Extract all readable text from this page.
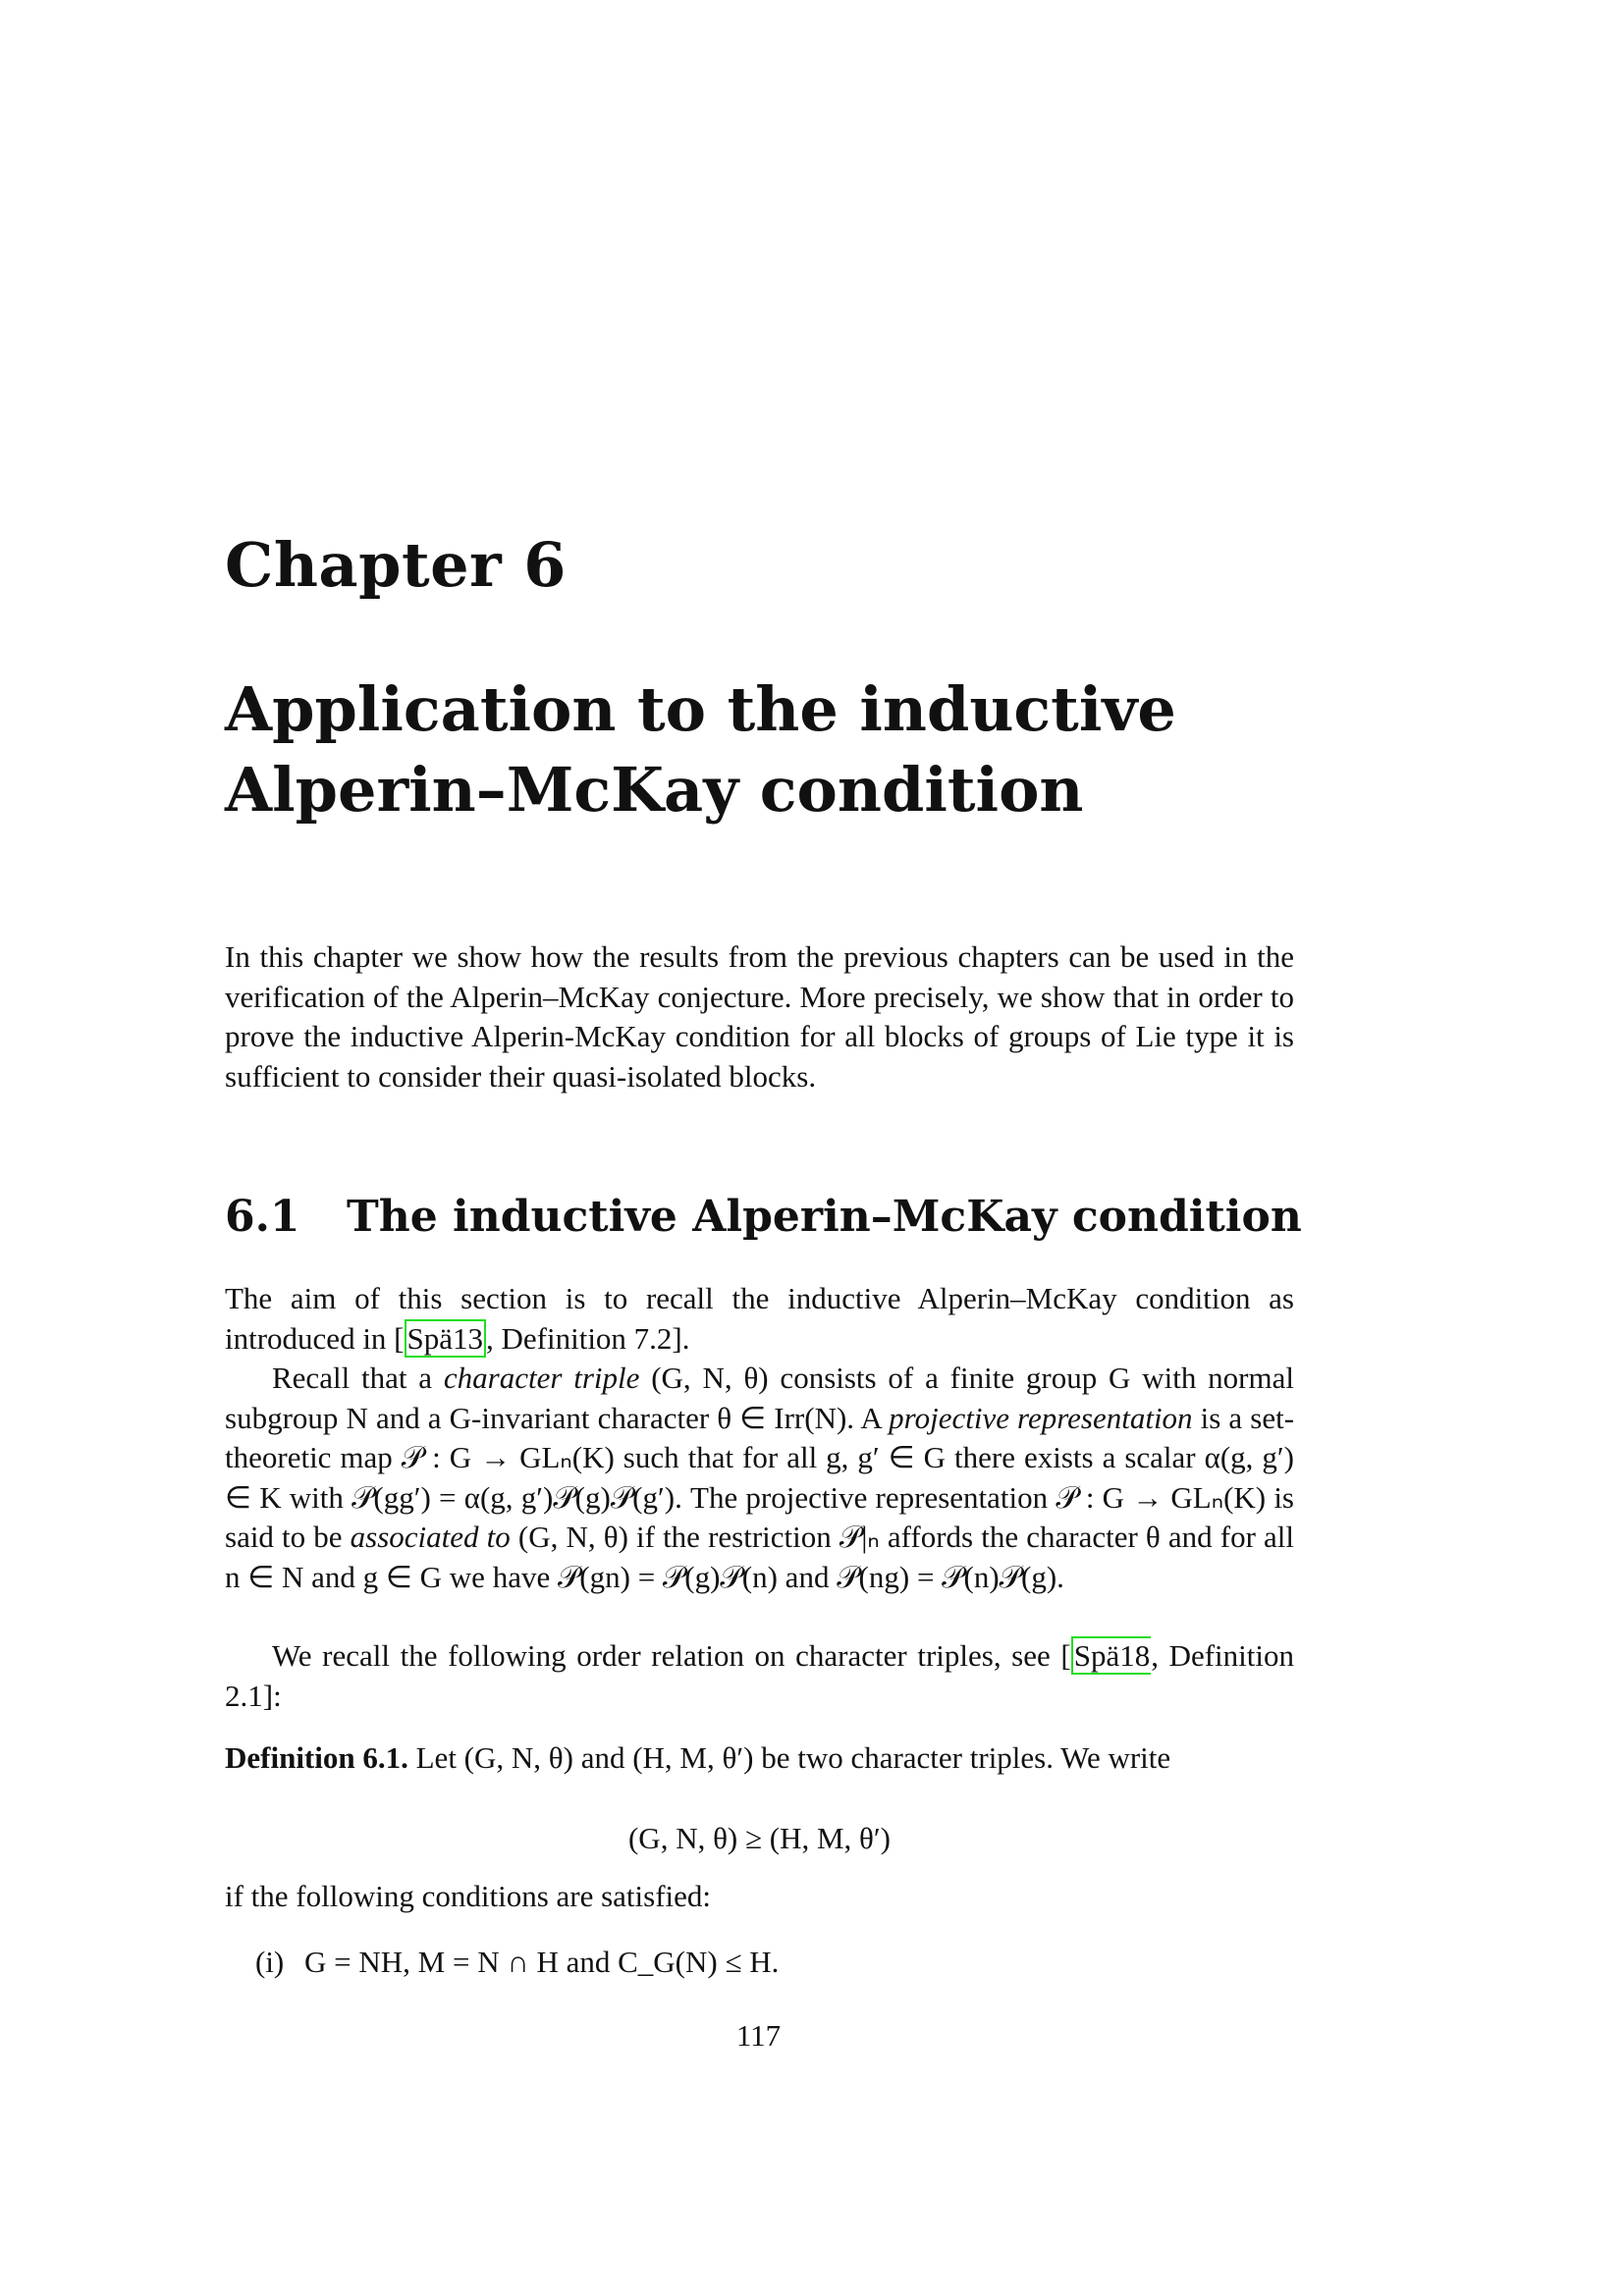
Chapter 6
Application to the inductive
Alperin–McKay condition

In this chapter we show how the results from the previous chapters can be used in the verification of the Alperin–McKay conjecture. More precisely, we show that in order to prove the inductive Alperin-McKay condition for all blocks of groups of Lie type it is sufficient to consider their quasi-isolated blocks.

6.1 The inductive Alperin–McKay condition

The aim of this section is to recall the inductive Alperin–McKay condition as introduced in [Spä13, Definition 7.2].

Recall that a character triple (G, N, θ) consists of a finite group G with normal subgroup N and a G-invariant character θ ∈ Irr(N). A projective representation is a set-theoretic map 𝒫 : G → GLₙ(K) such that for all g, g′ ∈ G there exists a scalar α(g, g′) ∈ K with 𝒫(gg′) = α(g, g′)𝒫(g)𝒫(g′). The projective representation 𝒫 : G → GLₙ(K) is said to be associated to (G, N, θ) if the restriction 𝒫|ₙ affords the character θ and for all n ∈ N and g ∈ G we have 𝒫(gn) = 𝒫(g)𝒫(n) and 𝒫(ng) = 𝒫(n)𝒫(g).

We recall the following order relation on character triples, see [Spä18, Definition 2.1]:

Definition 6.1. Let (G, N, θ) and (H, M, θ′) be two character triples. We write

(G, N, θ) ≥ (H, M, θ′)

if the following conditions are satisfied:

(i) G = NH, M = N ∩ H and C_G(N) ≤ H.
117
